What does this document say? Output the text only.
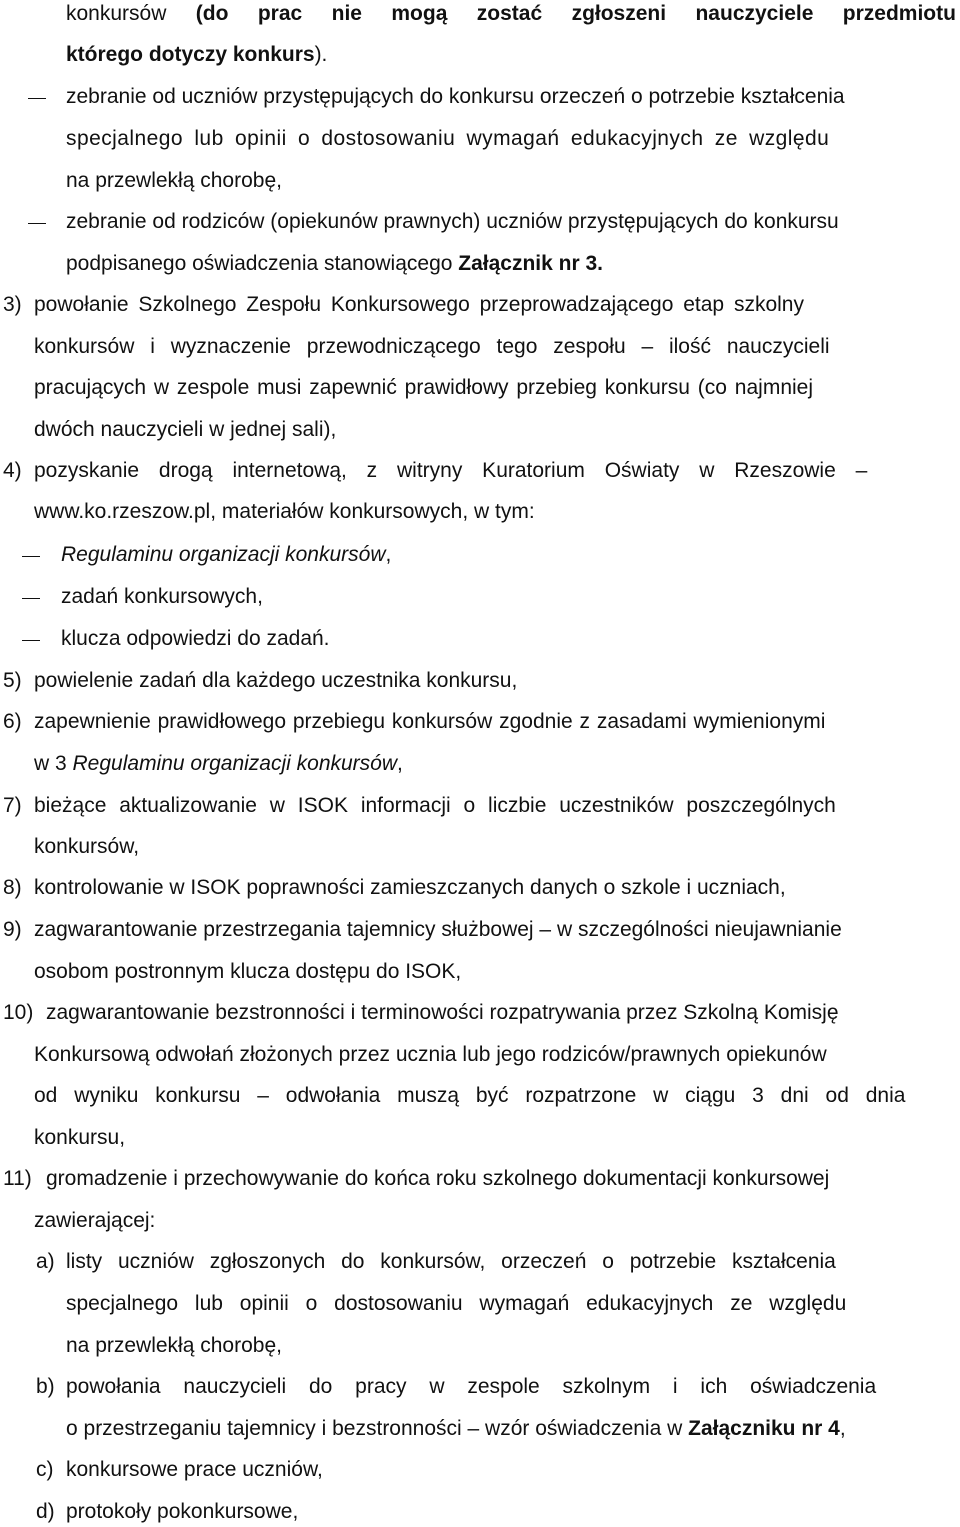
konkursów (do prac nie mogą zostać zgłoszeni nauczyciele przedmiotu
którego dotyczy konkurs).
zebranie od uczniów przystępujących do konkursu orzeczeń o potrzebie kształcenia
specjalnego lub opinii o dostosowaniu wymagań edukacyjnych ze względu
na przewlekłą chorobę,
zebranie od rodziców (opiekunów prawnych) uczniów przystępujących do konkursu
podpisanego oświadczenia stanowiącego Załącznik nr 3.
3) powołanie Szkolnego Zespołu Konkursowego przeprowadzającego etap szkolny
konkursów i wyznaczenie przewodniczącego tego zespołu – ilość nauczycieli
pracujących w zespole musi zapewnić prawidłowy przebieg konkursu (co najmniej
dwóch nauczycieli w jednej sali),
4) pozyskanie drogą internetową, z witryny Kuratorium Oświaty w Rzeszowie –
www.ko.rzeszow.pl, materiałów konkursowych, w tym:
Regulaminu organizacji konkursów,
zadań konkursowych,
klucza odpowiedzi do zadań.
5) powielenie zadań dla każdego uczestnika konkursu,
6) zapewnienie prawidłowego przebiegu konkursów zgodnie z zasadami wymienionymi
w 3 Regulaminu organizacji konkursów,
7) bieżące aktualizowanie w ISOK informacji o liczbie uczestników poszczególnych
konkursów,
8) kontrolowanie w ISOK poprawności zamieszczanych danych o szkole i uczniach,
9) zagwarantowanie przestrzegania tajemnicy służbowej – w szczególności nieujawnianie
osobom postronnym klucza dostępu do ISOK,
10) zagwarantowanie bezstronności i terminowości rozpatrywania przez Szkolną Komisję
Konkursową odwołań złożonych przez ucznia lub jego rodziców/prawnych opiekunów
od wyniku konkursu – odwołania muszą być rozpatrzone w ciągu 3 dni od dnia
konkursu,
11) gromadzenie i przechowywanie do końca roku szkolnego dokumentacji konkursowej
zawierającej:
a) listy uczniów zgłoszonych do konkursów, orzeczeń o potrzebie kształcenia
specjalnego lub opinii o dostosowaniu wymagań edukacyjnych ze względu
na przewlekłą chorobę,
b) powołania nauczycieli do pracy w zespole szkolnym i ich oświadczenia
o przestrzeganiu tajemnicy i bezstronności – wzór oświadczenia w Załączniku nr 4,
c) konkursowe prace uczniów,
d) protokoły pokonkursowe,
